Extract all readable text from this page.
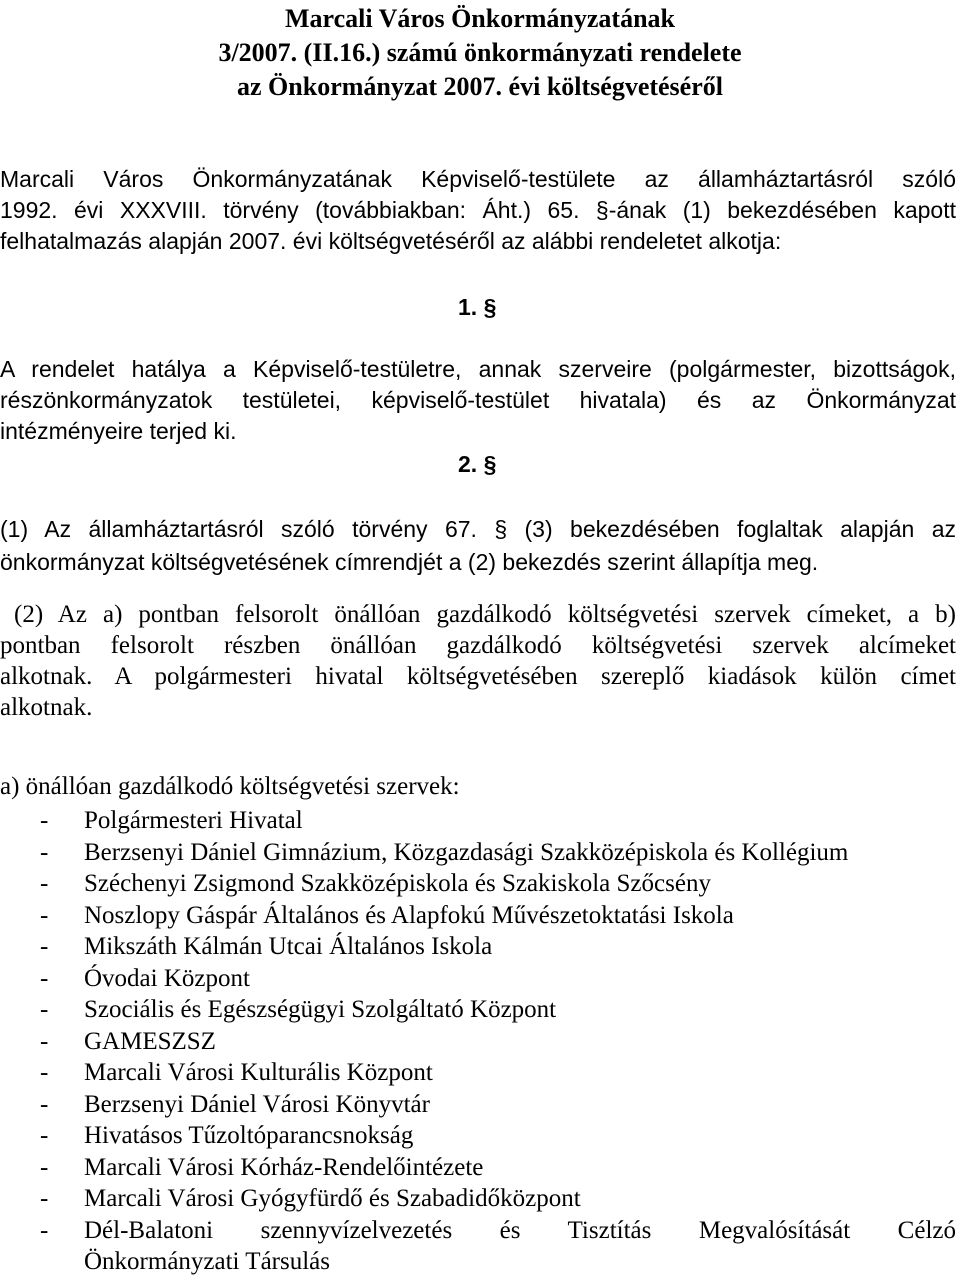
Marcali Város Önkormányzatának
3/2007. (II.16.) számú önkormányzati rendelete
az Önkormányzat 2007. évi költségvetéséről
Marcali Város Önkormányzatának Képviselő-testülete az államháztartásról szóló
1992. évi XXXVIII. törvény (továbbiakban: Áht.) 65. §-ának (1) bekezdésében kapott
felhatalmazás alapján 2007. évi költségvetéséről az alábbi rendeletet alkotja:
1. §
A rendelet hatálya a Képviselő-testületre, annak szerveire (polgármester, bizottságok,
részönkormányzatok testületei, képviselő-testület hivatala) és az Önkormányzat
intézményeire terjed ki.
2. §
(1) Az államháztartásról szóló törvény 67. § (3) bekezdésében foglaltak alapján az
önkormányzat költségvetésének címrendjét a (2) bekezdés szerint állapítja meg.
(2) Az a) pontban felsorolt önállóan gazdálkodó költségvetési szervek címeket, a b)
pontban felsorolt részben önállóan gazdálkodó költségvetési szervek alcímeket
alkotnak. A polgármesteri hivatal költségvetésében szereplő kiadások külön címet
alkotnak.
a) önállóan gazdálkodó költségvetési szervek:
-	Polgármesteri Hivatal
-	Berzsenyi Dániel Gimnázium, Közgazdasági Szakközépiskola és Kollégium
-	Széchenyi Zsigmond Szakközépiskola és Szakiskola Szőcsény
-	Noszlopy Gáspár Általános és Alapfokú Művészetoktatási Iskola
-	Mikszáth Kálmán Utcai Általános Iskola
-	Óvodai Központ
-	Szociális és Egészségügyi Szolgáltató Központ
-	GAMESZSZ
-	Marcali Városi Kulturális Központ
-	Berzsenyi Dániel Városi Könyvtár
-	Hivatásos Tűzoltóparancsnokság
-	Marcali Városi Kórház-Rendelőintézete
-	Marcali Városi Gyógyfürdő és Szabadidőközpont
-	Dél-Balatoni szennyvízelvezetés és Tisztítás Megvalósítását Célzó
Önkormányzati Társulás
